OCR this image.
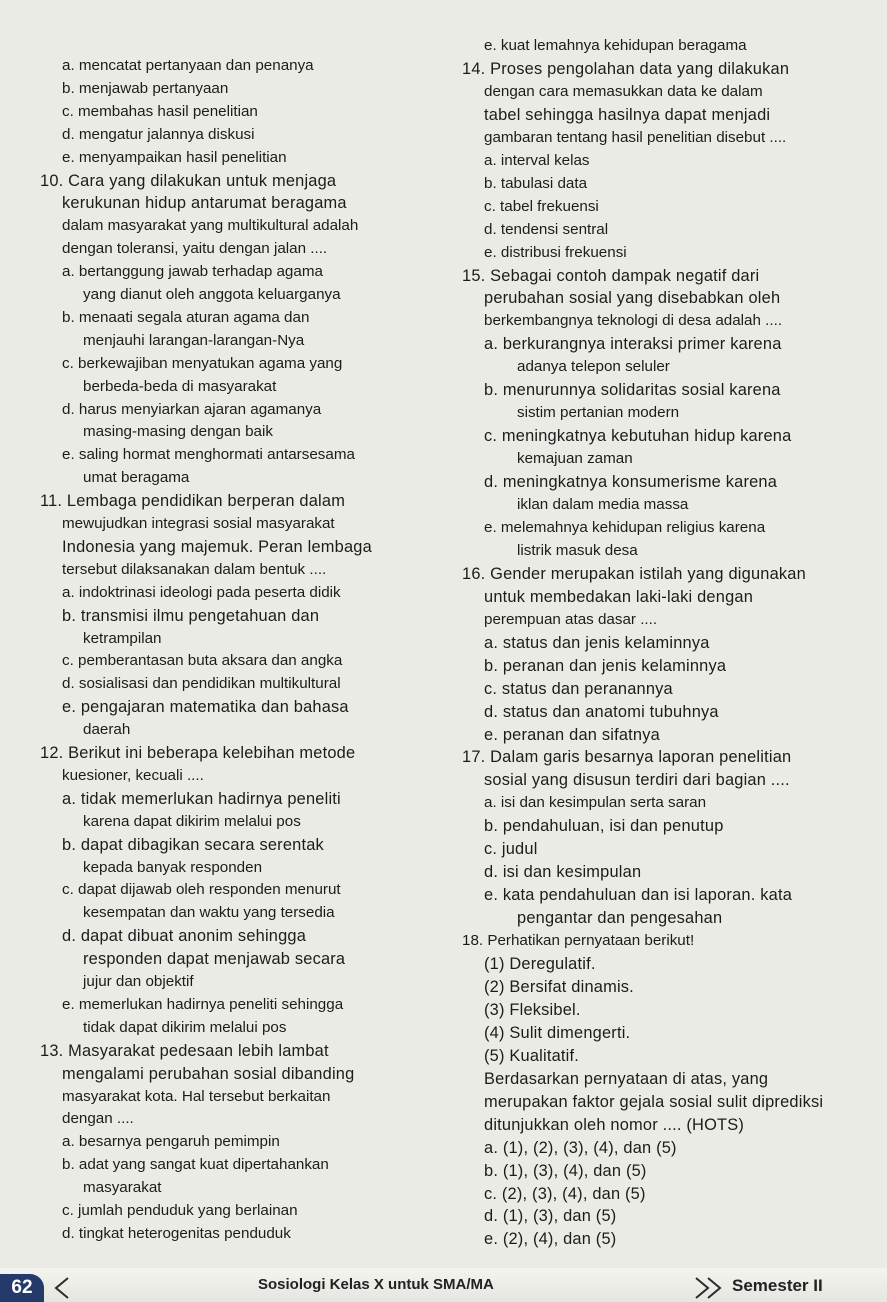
a. mencatat pertanyaan dan penanya
b. menjawab pertanyaan
c. membahas hasil penelitian
d. mengatur jalannya diskusi
e. menyampaikan hasil penelitian
10. Cara yang dilakukan untuk menjaga
kerukunan hidup antarumat beragama
dalam masyarakat yang multikultural adalah
dengan toleransi, yaitu dengan jalan ....
a. bertanggung jawab terhadap agama
yang dianut oleh anggota keluarganya
b. menaati segala aturan agama dan
menjauhi larangan-larangan-Nya
c. berkewajiban menyatukan agama yang
berbeda-beda di masyarakat
d. harus menyiarkan ajaran agamanya
masing-masing dengan baik
e. saling hormat menghormati antarsesama
umat beragama
11. Lembaga pendidikan berperan dalam
mewujudkan integrasi sosial masyarakat
Indonesia yang majemuk. Peran lembaga
tersebut dilaksanakan dalam bentuk ....
a. indoktrinasi ideologi pada peserta didik
b. transmisi ilmu pengetahuan dan
ketrampilan
c. pemberantasan buta aksara dan angka
d. sosialisasi dan pendidikan multikultural
e. pengajaran matematika dan bahasa
daerah
12. Berikut ini beberapa kelebihan metode
kuesioner, kecuali ....
a. tidak memerlukan hadirnya peneliti
karena dapat dikirim melalui pos
b. dapat dibagikan secara serentak
kepada banyak responden
c. dapat dijawab oleh responden menurut
kesempatan dan waktu yang tersedia
d. dapat dibuat anonim sehingga
responden dapat menjawab secara
jujur dan objektif
e. memerlukan hadirnya peneliti sehingga
tidak dapat dikirim melalui pos
13. Masyarakat pedesaan lebih lambat
mengalami perubahan sosial dibanding
masyarakat kota. Hal tersebut berkaitan
dengan ....
a. besarnya pengaruh pemimpin
b. adat yang sangat kuat dipertahankan
masyarakat
c. jumlah penduduk yang berlainan
d. tingkat heterogenitas penduduk
e. kuat lemahnya kehidupan beragama
14. Proses pengolahan data yang dilakukan
dengan cara memasukkan data ke dalam
tabel sehingga hasilnya dapat menjadi
gambaran tentang hasil penelitian disebut ....
a. interval kelas
b. tabulasi data
c. tabel frekuensi
d. tendensi sentral
e. distribusi frekuensi
15. Sebagai contoh dampak negatif dari
perubahan sosial yang disebabkan oleh
berkembangnya teknologi di desa adalah ....
a. berkurangnya interaksi primer karena
adanya telepon seluler
b. menurunnya solidaritas sosial karena
sistim pertanian modern
c. meningkatnya kebutuhan hidup karena
kemajuan zaman
d. meningkatnya konsumerisme karena
iklan dalam media massa
e. melemahnya kehidupan religius karena
listrik masuk desa
16. Gender merupakan istilah yang digunakan
untuk membedakan laki-laki dengan
perempuan atas dasar ....
a. status dan jenis kelaminnya
b. peranan dan jenis kelaminnya
c. status dan peranannya
d. status dan anatomi tubuhnya
e. peranan dan sifatnya
17. Dalam garis besarnya laporan penelitian
sosial yang disusun terdiri dari bagian ....
a. isi dan kesimpulan serta saran
b. pendahuluan, isi dan penutup
c. judul
d. isi dan kesimpulan
e. kata pendahuluan dan isi laporan. kata
pengantar dan pengesahan
18. Perhatikan pernyataan berikut!
(1) Deregulatif.
(2) Bersifat dinamis.
(3) Fleksibel.
(4) Sulit dimengerti.
(5) Kualitatif.
Berdasarkan pernyataan di atas, yang
merupakan faktor gejala sosial sulit diprediksi
ditunjukkan oleh nomor .... (HOTS)
a. (1), (2), (3), (4), dan (5)
b. (1), (3), (4), dan (5)
c. (2), (3), (4), dan (5)
d. (1), (3), dan (5)
e. (2), (4), dan (5)
62	Sosiologi Kelas X untuk SMA/MA	Semester II
